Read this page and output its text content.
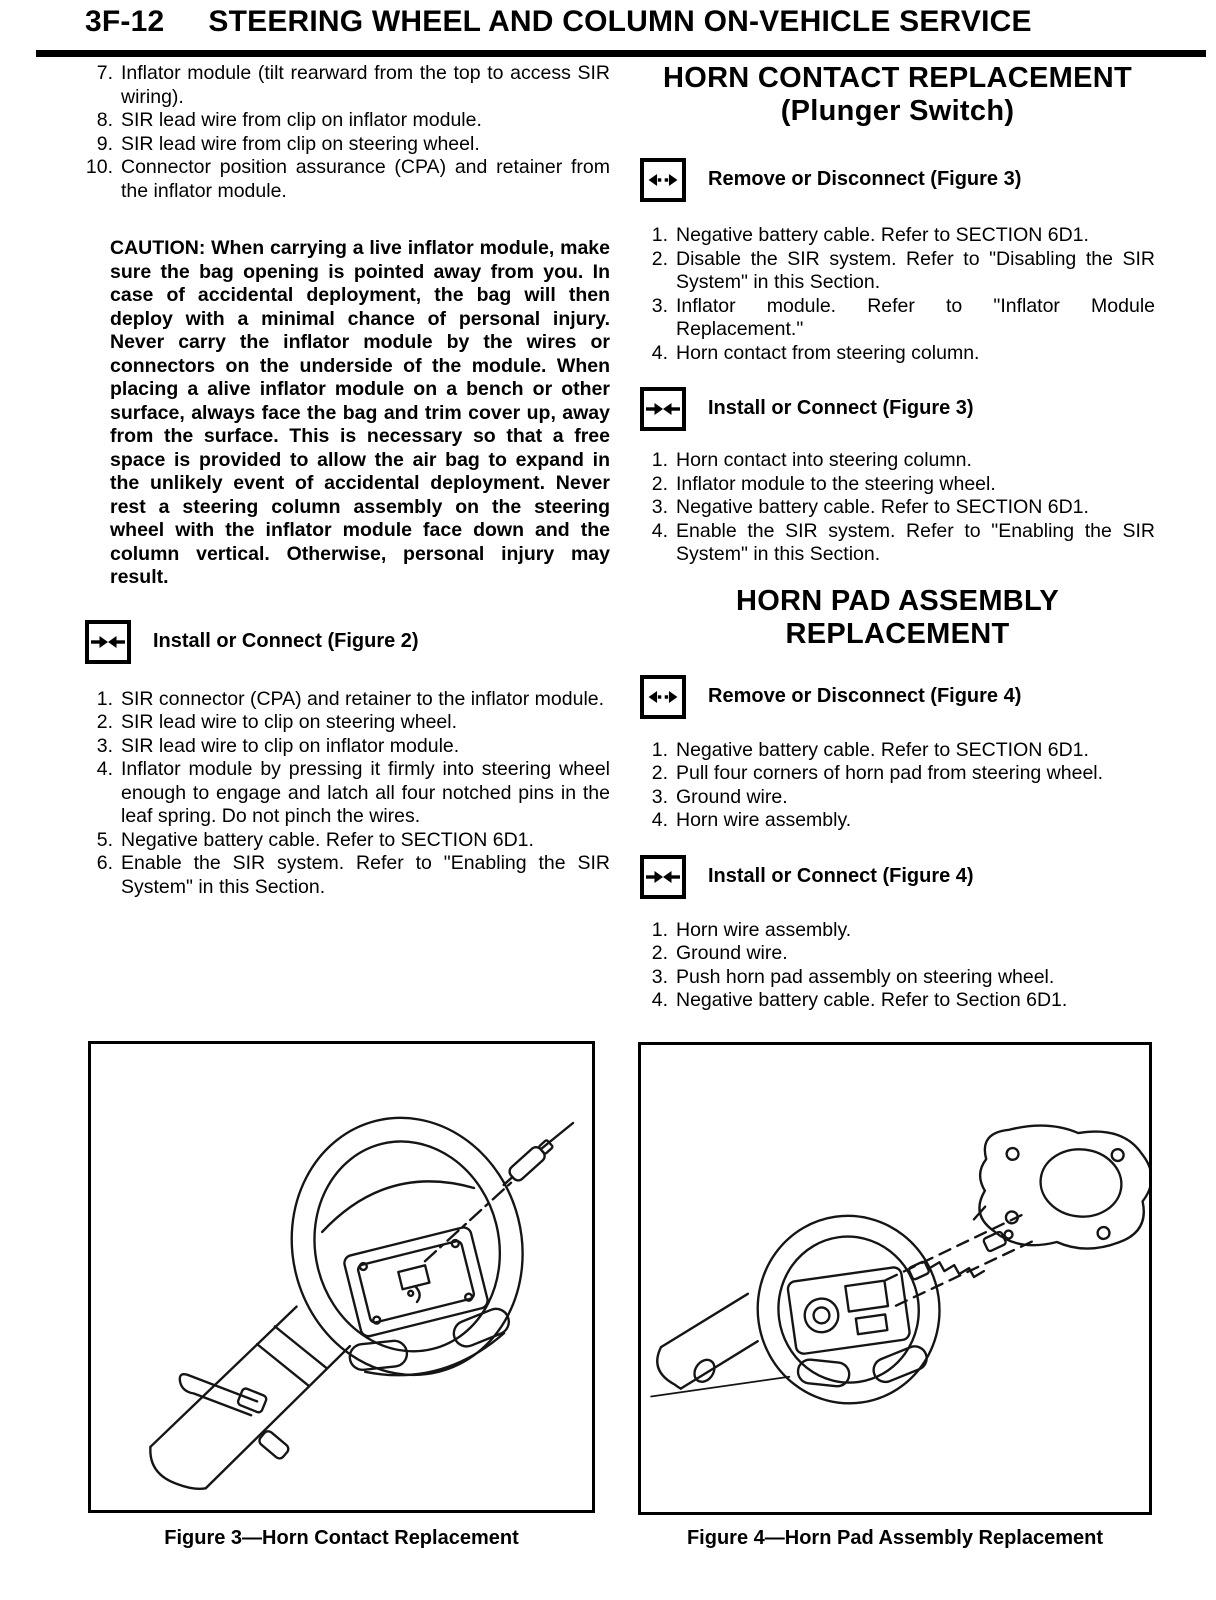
3F-12 STEERING WHEEL AND COLUMN ON-VEHICLE SERVICE
7. Inflator module (tilt rearward from the top to access SIR wiring).
8. SIR lead wire from clip on inflator module.
9. SIR lead wire from clip on steering wheel.
10. Connector position assurance (CPA) and retainer from the inflator module.

CAUTION: When carrying a live inflator module, make sure the bag opening is pointed away from you. In case of accidental deployment, the bag will then deploy with a minimal chance of personal injury. Never carry the inflator module by the wires or connectors on the underside of the module. When placing a alive inflator module on a bench or other surface, always face the bag and trim cover up, away from the surface. This is necessary so that a free space is provided to allow the air bag to expand in the unlikely event of accidental deployment. Never rest a steering column assembly on the steering wheel with the inflator module face down and the column vertical. Otherwise, personal injury may result.

Install or Connect (Figure 2)
1. SIR connector (CPA) and retainer to the inflator module.
2. SIR lead wire to clip on steering wheel.
3. SIR lead wire to clip on inflator module.
4. Inflator module by pressing it firmly into steering wheel enough to engage and latch all four notched pins in the leaf spring. Do not pinch the wires.
5. Negative battery cable. Refer to SECTION 6D1.
6. Enable the SIR system. Refer to "Enabling the SIR System" in this Section.
HORN CONTACT REPLACEMENT
(Plunger Switch)
Remove or Disconnect (Figure 3)
1. Negative battery cable. Refer to SECTION 6D1.
2. Disable the SIR system. Refer to "Disabling the SIR System" in this Section.
3. Inflator module. Refer to "Inflator Module Replacement."
4. Horn contact from steering column.
Install or Connect (Figure 3)
1. Horn contact into steering column.
2. Inflator module to the steering wheel.
3. Negative battery cable. Refer to SECTION 6D1.
4. Enable the SIR system. Refer to "Enabling the SIR System" in this Section.
HORN PAD ASSEMBLY
REPLACEMENT
Remove or Disconnect (Figure 4)
1. Negative battery cable. Refer to SECTION 6D1.
2. Pull four corners of horn pad from steering wheel.
3. Ground wire.
4. Horn wire assembly.
Install or Connect (Figure 4)
1. Horn wire assembly.
2. Ground wire.
3. Push horn pad assembly on steering wheel.
4. Negative battery cable. Refer to Section 6D1.
Figure 3—Horn Contact Replacement	Figure 4—Horn Pad Assembly Replacement
